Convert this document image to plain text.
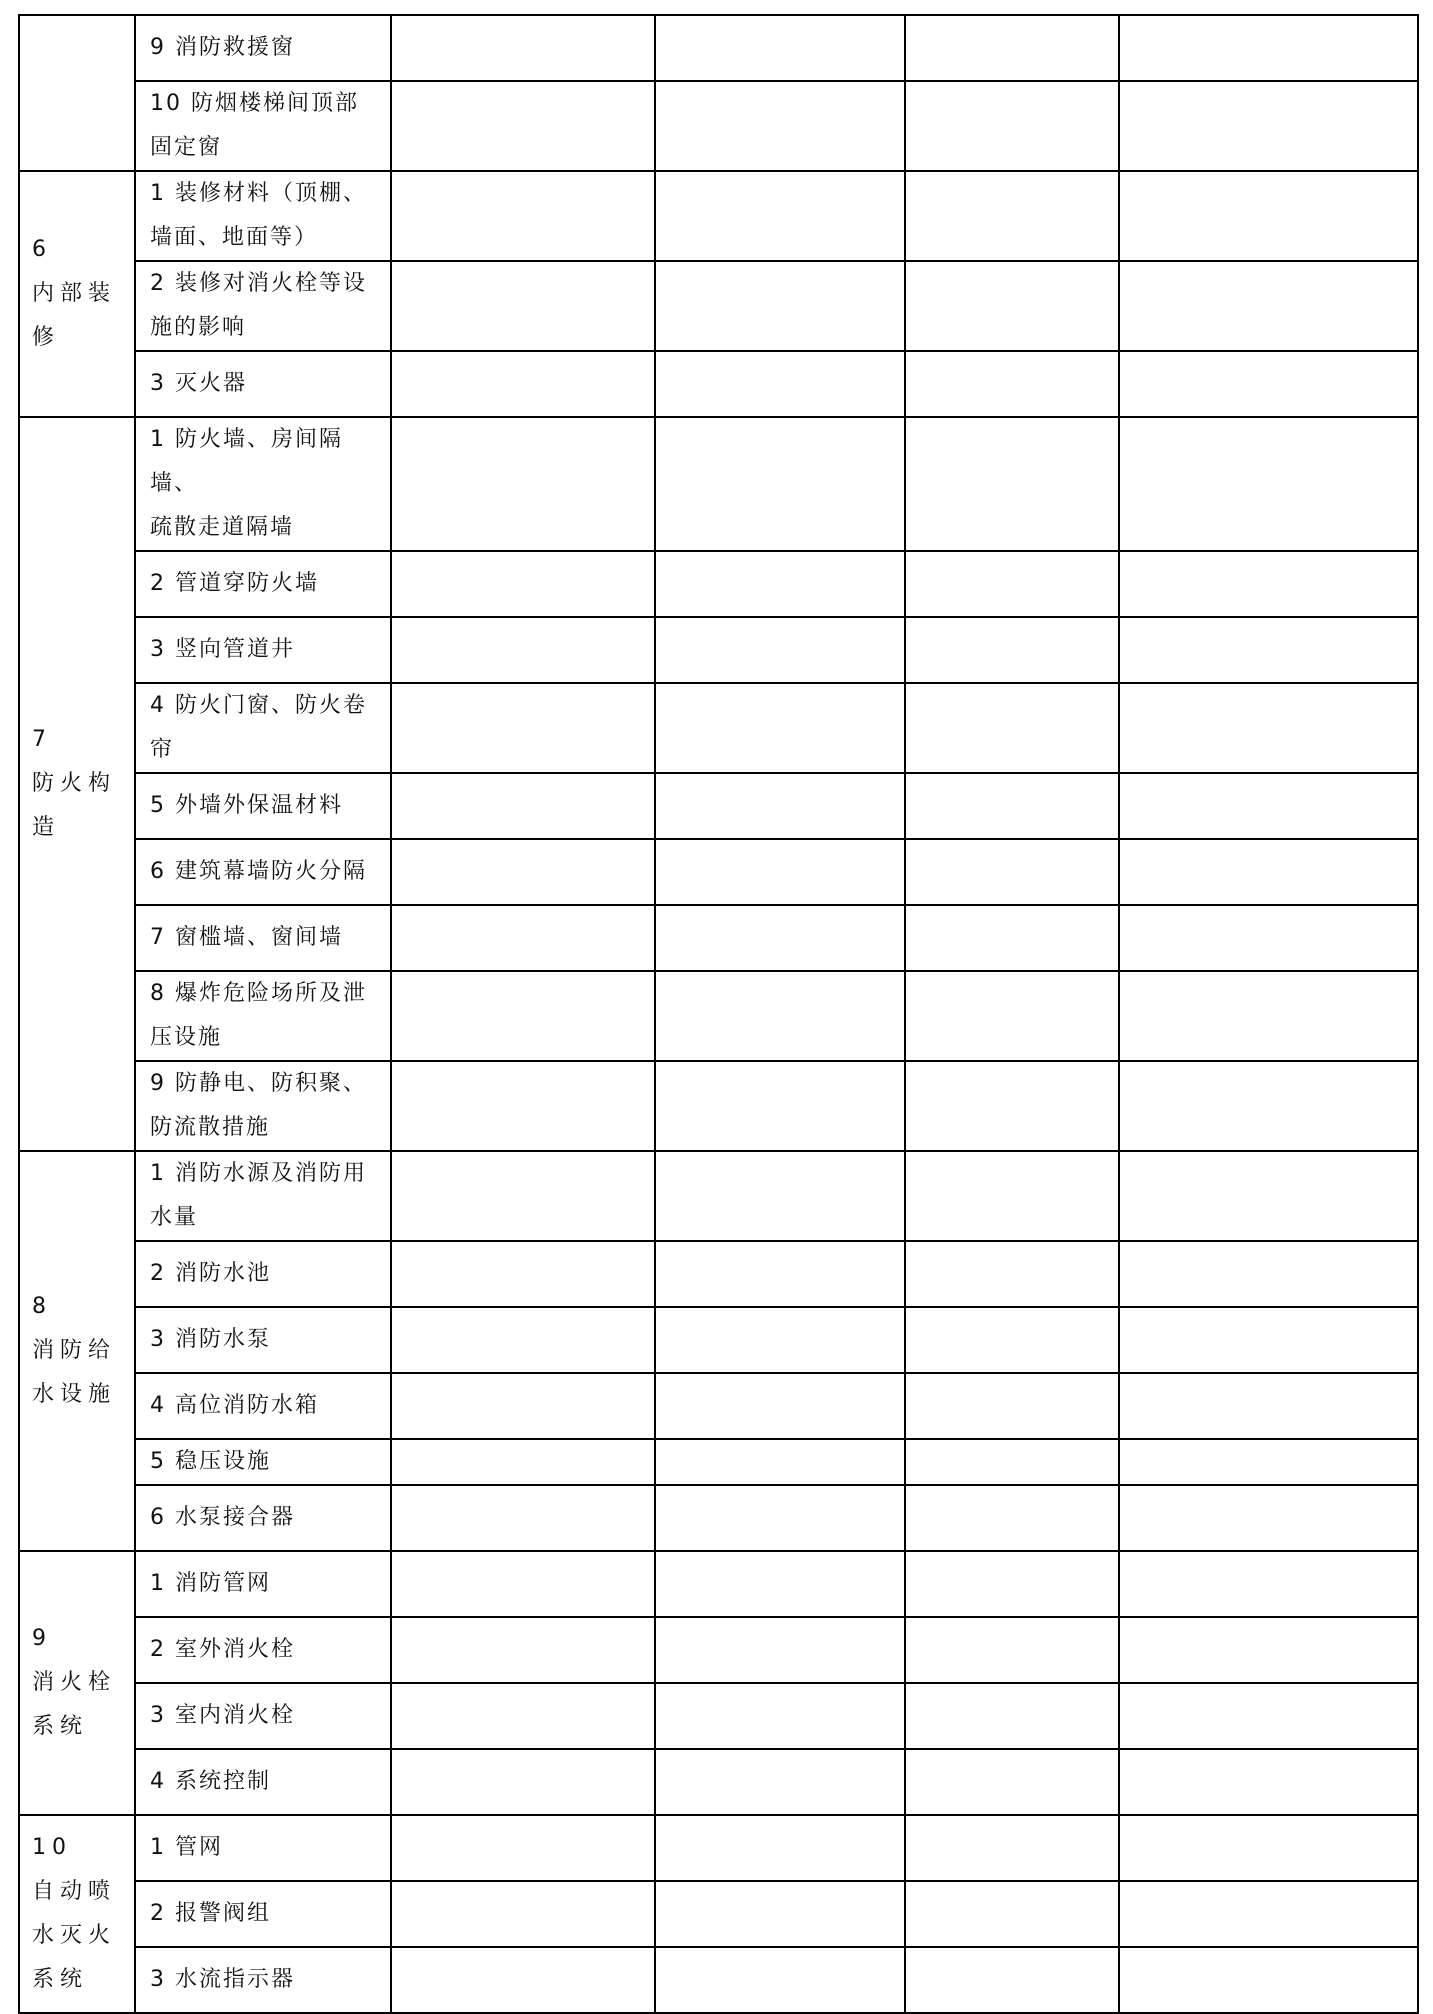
	9 消防救援窗				

	10 防烟楼梯间顶部
固定窗				

6
内部装
修	1 装修材料（顶棚、
墙面、地面等）				

	2 装修对消火栓等设
施的影响				

	3 灭火器				

7
防火构
造	1 防火墙、房间隔墙、
疏散走道隔墙				

	2 管道穿防火墙				

	3 竖向管道井				

	4 防火门窗、防火卷
帘				

	5 外墙外保温材料				

	6 建筑幕墙防火分隔				

	7 窗槛墙、窗间墙				

	8 爆炸危险场所及泄
压设施				

	9 防静电、防积聚、
防流散措施				

8
消防给
水设施	1 消防水源及消防用
水量				

	2 消防水池				

	3 消防水泵				

	4 高位消防水箱				

	5 稳压设施				

	6 水泵接合器				

9
消火栓
系统	1 消防管网				

	2 室外消火栓				

	3 室内消火栓				

	4 系统控制				

10
自动喷
水灭火
系统	1 管网				

	2 报警阀组				

	3 水流指示器				
